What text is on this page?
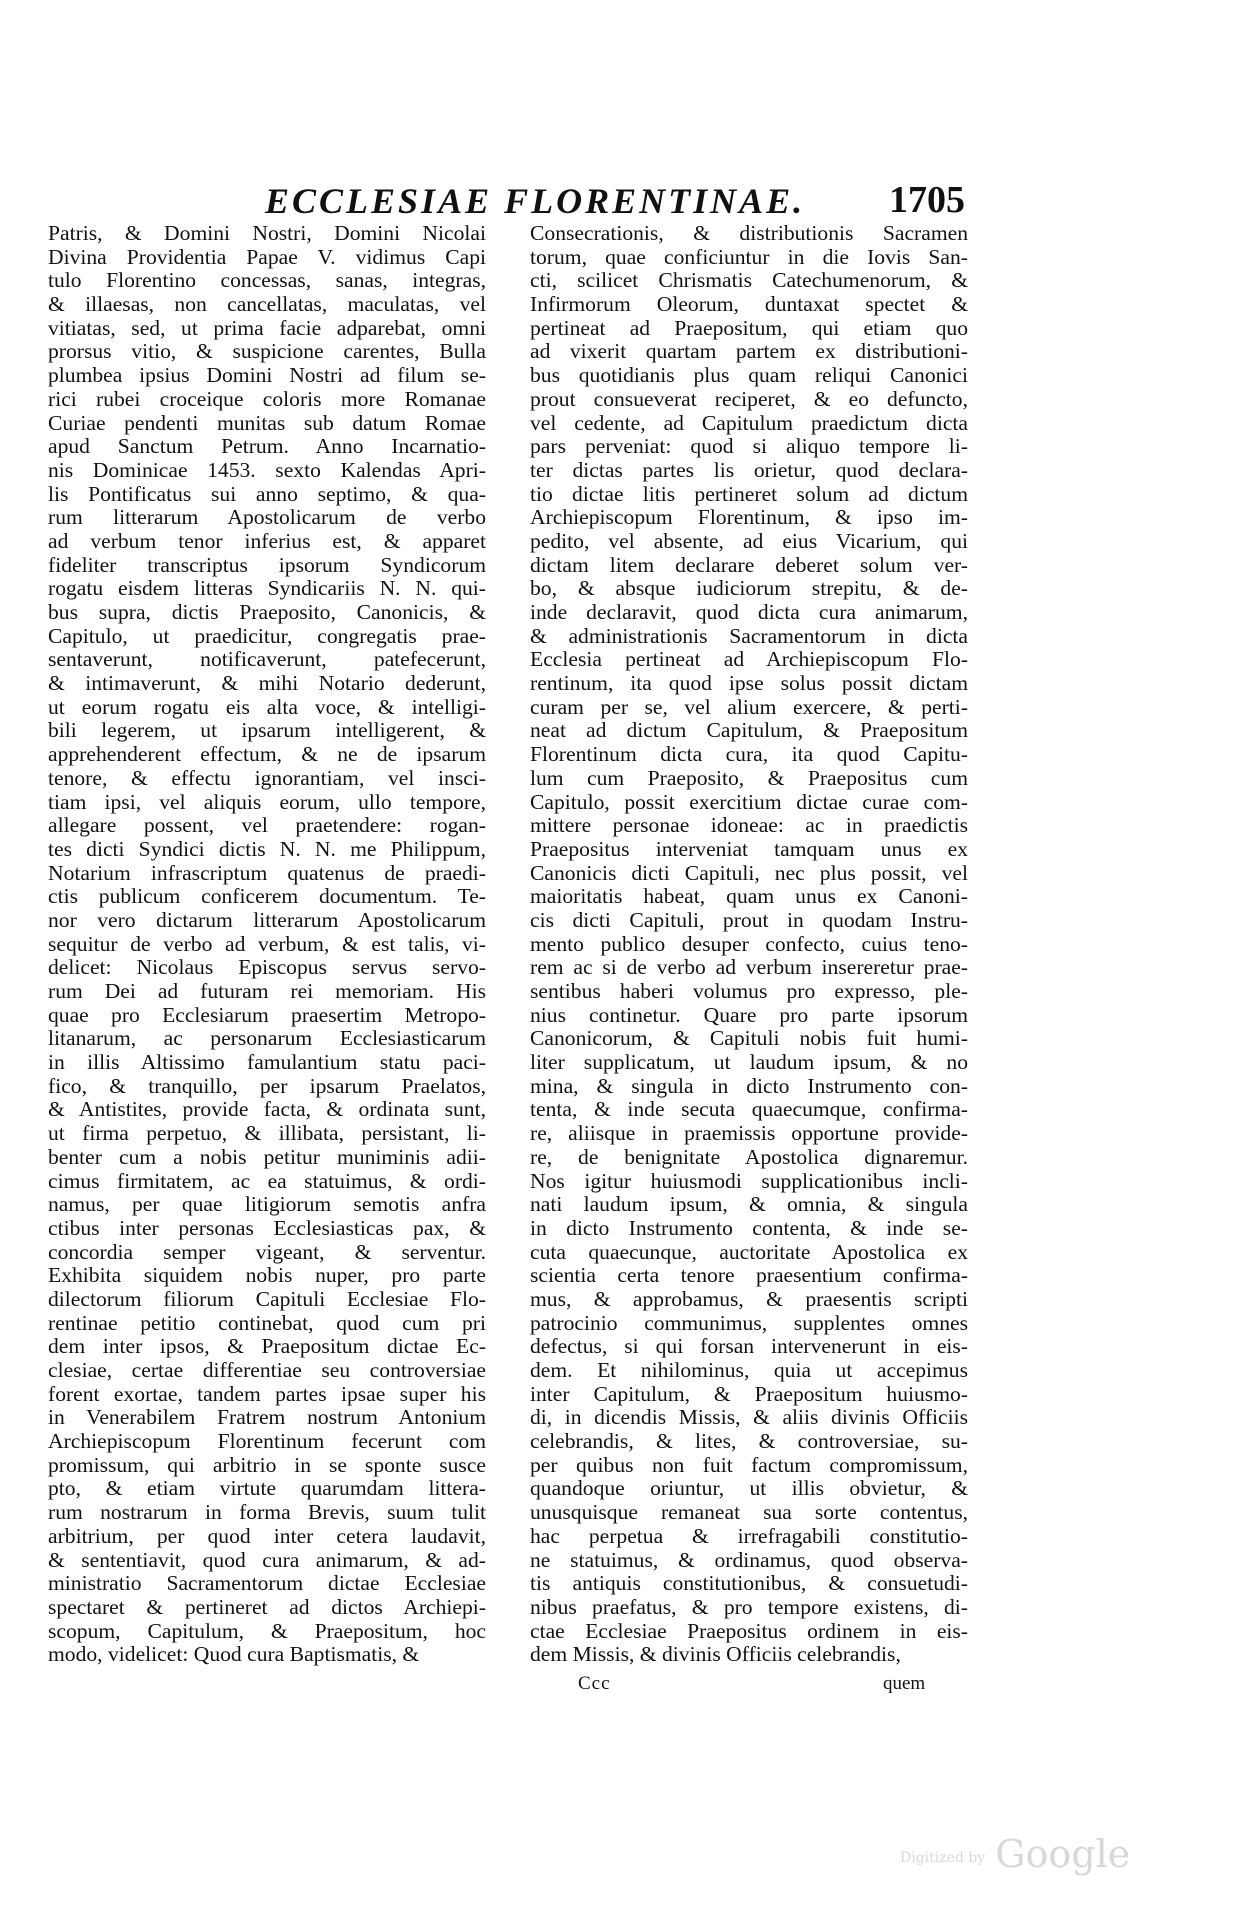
ECCLESIAE FLORENTINAE. 1705
Patris, & Domini Nostri, Domini Nicolai
Divina Providentia Papae V. vidimus Capi
tulo Florentino concessas, sanas, integras,
& illaesas, non cancellatas, maculatas, vel
vitiatas, sed, ut prima facie adparebat, omni
prorsus vitio, & suspicione carentes, Bulla
plumbea ipsius Domini Nostri ad filum se-
rici rubei croceique coloris more Romanae
Curiae pendenti munitas sub datum Romae
apud Sanctum Petrum. Anno Incarnatio-
nis Dominicae 1453. sexto Kalendas Apri-
lis Pontificatus sui anno septimo, & qua-
rum litterarum Apostolicarum de verbo
ad verbum tenor inferius est, & apparet
fideliter transcriptus ipsorum Syndicorum
rogatu eisdem litteras Syndicariis N. N. qui-
bus supra, dictis Praeposito, Canonicis, &
Capitulo, ut praedicitur, congregatis prae-
sentaverunt, notificaverunt, patefecerunt,
& intimaverunt, & mihi Notario dederunt,
ut eorum rogatu eis alta voce, & intelligi-
bili legerem, ut ipsarum intelligerent, &
apprehenderent effectum, & ne de ipsarum
tenore, & effectu ignorantiam, vel insci-
tiam ipsi, vel aliquis eorum, ullo tempore,
allegare possent, vel praetendere: rogan-
tes dicti Syndici dictis N. N. me Philippum,
Notarium infrascriptum quatenus de praedi-
ctis publicum conficerem documentum. Te-
nor vero dictarum litterarum Apostolicarum
sequitur de verbo ad verbum, & est talis, vi-
delicet: Nicolaus Episcopus servus servo-
rum Dei ad futuram rei memoriam. His
quae pro Ecclesiarum praesertim Metropo-
litanarum, ac personarum Ecclesiasticarum
in illis Altissimo famulantium statu paci-
fico, & tranquillo, per ipsarum Praelatos,
& Antistites, provide facta, & ordinata sunt,
ut firma perpetuo, & illibata, persistant, li-
benter cum a nobis petitur muniminis adii-
cimus firmitatem, ac ea statuimus, & ordi-
namus, per quae litigiorum semotis anfra
ctibus inter personas Ecclesiasticas pax, &
concordia semper vigeant, & serventur.
Exhibita siquidem nobis nuper, pro parte
dilectorum filiorum Capituli Ecclesiae Flo-
rentinae petitio continebat, quod cum pri
dem inter ipsos, & Praepositum dictae Ec-
clesiae, certae differentiae seu controversiae
forent exortae, tandem partes ipsae super his
in Venerabilem Fratrem nostrum Antonium
Archiepiscopum Florentinum fecerunt com
promissum, qui arbitrio in se sponte susce
pto, & etiam virtute quarumdam littera-
rum nostrarum in forma Brevis, suum tulit
arbitrium, per quod inter cetera laudavit,
& sententiavit, quod cura animarum, & ad-
ministratio Sacramentorum dictae Ecclesiae
spectaret & pertineret ad dictos Archiepi-
scopum, Capitulum, & Praepositum, hoc
modo, videlicet: Quod cura Baptismatis, &
Consecrationis, & distributionis Sacramen
torum, quae conficiuntur in die Iovis San-
cti, scilicet Chrismatis Catechumenorum, &
Infirmorum Oleorum, duntaxat spectet &
pertineat ad Praepositum, qui etiam quo
ad vixerit quartam partem ex distributioni-
bus quotidianis plus quam reliqui Canonici
prout consueverat reciperet, & eo defuncto,
vel cedente, ad Capitulum praedictum dicta
pars perveniat: quod si aliquo tempore li-
ter dictas partes lis orietur, quod declara-
tio dictae litis pertineret solum ad dictum
Archiepiscopum Florentinum, & ipso im-
pedito, vel absente, ad eius Vicarium, qui
dictam litem declarare deberet solum ver-
bo, & absque iudiciorum strepitu, & de-
inde declaravit, quod dicta cura animarum,
& administrationis Sacramentorum in dicta
Ecclesia pertineat ad Archiepiscopum Flo-
rentinum, ita quod ipse solus possit dictam
curam per se, vel alium exercere, & perti-
neat ad dictum Capitulum, & Praepositum
Florentinum dicta cura, ita quod Capitu-
lum cum Praeposito, & Praepositus cum
Capitulo, possit exercitium dictae curae com-
mittere personae idoneae: ac in praedictis
Praepositus interveniat tamquam unus ex
Canonicis dicti Capituli, nec plus possit, vel
maioritatis habeat, quam unus ex Canoni-
cis dicti Capituli, prout in quodam Instru-
mento publico desuper confecto, cuius teno-
rem ac si de verbo ad verbum insereretur prae-
sentibus haberi volumus pro expresso, ple-
nius continetur. Quare pro parte ipsorum
Canonicorum, & Capituli nobis fuit humi-
liter supplicatum, ut laudum ipsum, & no
mina, & singula in dicto Instrumento con-
tenta, & inde secuta quaecumque, confirma-
re, aliisque in praemissis opportune provide-
re, de benignitate Apostolica dignaremur.
Nos igitur huiusmodi supplicationibus incli-
nati laudum ipsum, & omnia, & singula
in dicto Instrumento contenta, & inde se-
cuta quaecunque, auctoritate Apostolica ex
scientia certa tenore praesentium confirma-
mus, & approbamus, & praesentis scripti
patrocinio communimus, supplentes omnes
defectus, si qui forsan intervenerunt in eis-
dem. Et nihilominus, quia ut accepimus
inter Capitulum, & Praepositum huiusmo-
di, in dicendis Missis, & aliis divinis Officiis
celebrandis, & lites, & controversiae, su-
per quibus non fuit factum compromissum,
quandoque oriuntur, ut illis obvietur, &
unusquisque remaneat sua sorte contentus,
hac perpetua & irrefragabili constitutio-
ne statuimus, & ordinamus, quod observa-
tis antiquis constitutionibus, & consuetudi-
nibus praefatus, & pro tempore existens, di-
ctae Ecclesiae Praepositus ordinem in eis-
dem Missis, & divinis Officiis celebrandis,
Ccc	quem
Digitized by Google
